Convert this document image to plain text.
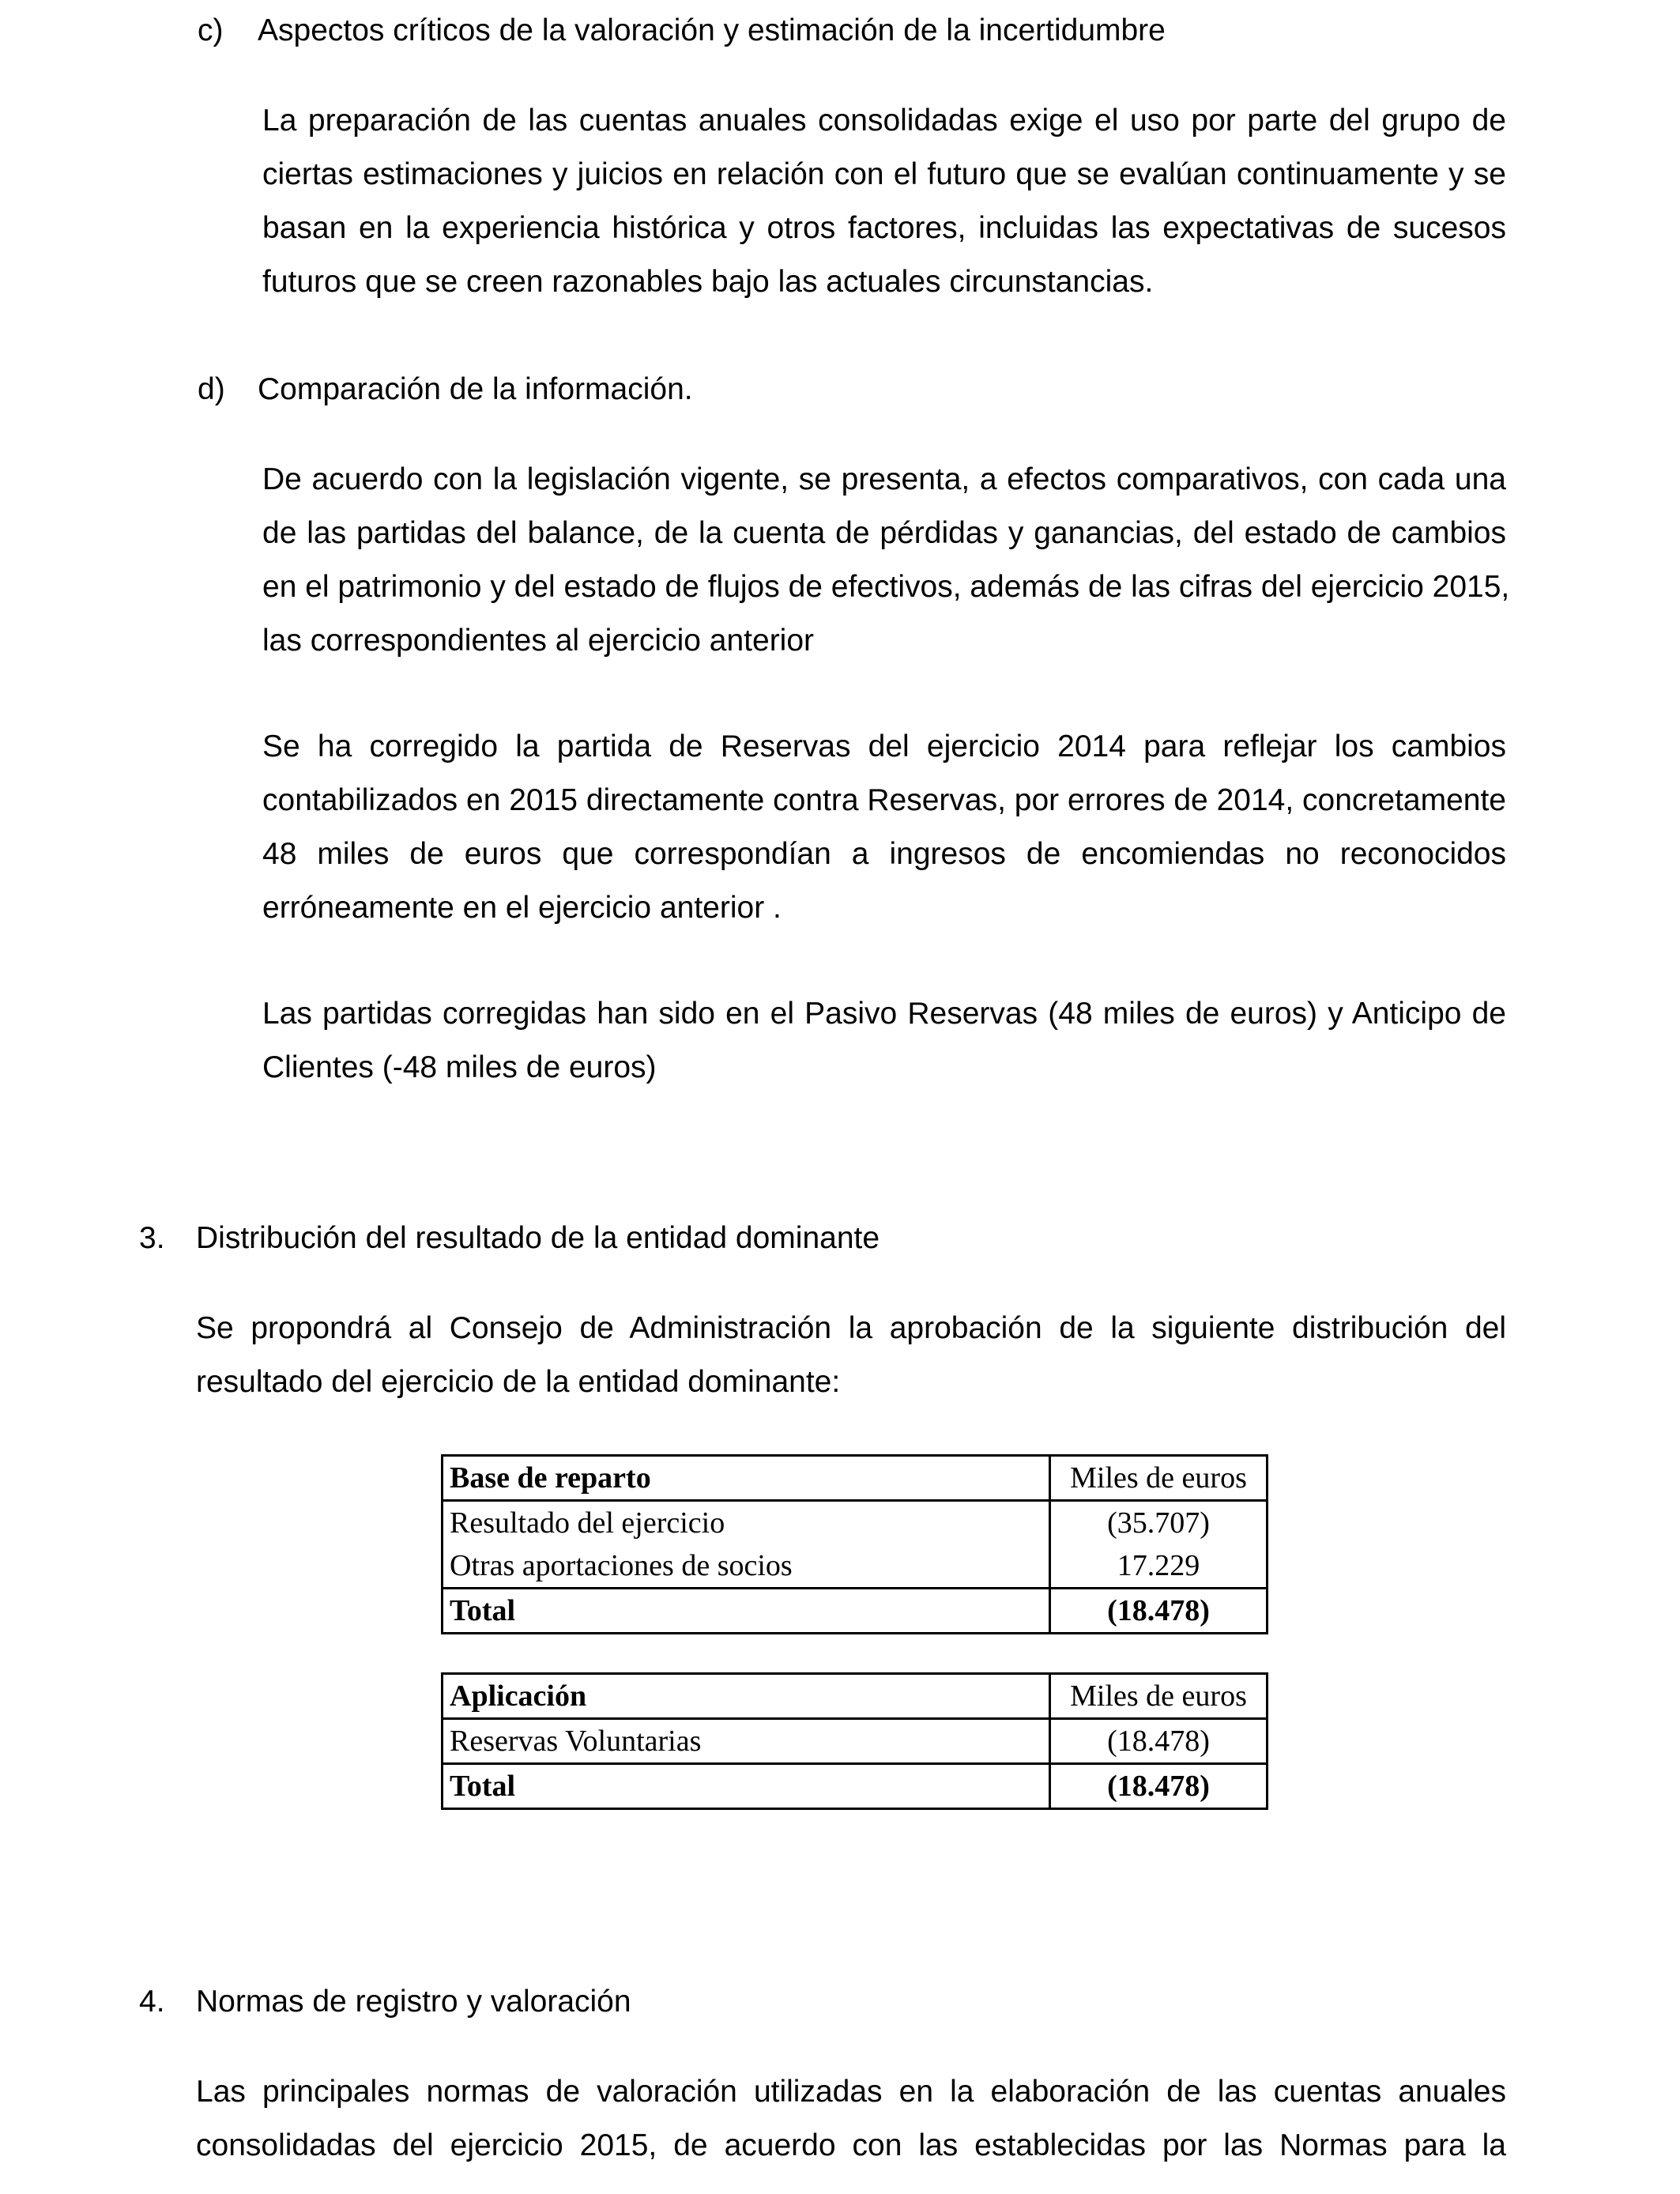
c) Aspectos críticos de la valoración y estimación de la incertidumbre
La preparación de las cuentas anuales consolidadas exige el uso por parte del grupo de
ciertas estimaciones y juicios en relación con el futuro que se evalúan continuamente y se
basan en la experiencia histórica y otros factores, incluidas las expectativas de sucesos
futuros que se creen razonables bajo las actuales circunstancias.
d) Comparación de la información.
De acuerdo con la legislación vigente, se presenta, a efectos comparativos, con cada una
de las partidas del balance, de la cuenta de pérdidas y ganancias, del estado de cambios
en el patrimonio y del estado de flujos de efectivos, además de las cifras del ejercicio 2015,
las correspondientes al ejercicio anterior
Se ha corregido la partida de Reservas del ejercicio 2014 para reflejar los cambios
contabilizados en 2015 directamente contra Reservas, por errores de 2014, concretamente
48 miles de euros que correspondían a ingresos de encomiendas no reconocidos
erróneamente en el ejercicio anterior .
Las partidas corregidas han sido en el Pasivo Reservas (48 miles de euros) y Anticipo de
Clientes (-48 miles de euros)
3. Distribución del resultado de la entidad dominante
Se propondrá al Consejo de Administración la aprobación de la siguiente distribución del
resultado del ejercicio de la entidad dominante:
Base de reparto	Miles de euros
Resultado del ejercicio	(35.707)
Otras aportaciones de socios	17.229
Total	(18.478)
Aplicación	Miles de euros
Reservas Voluntarias	(18.478)
Total	(18.478)
4. Normas de registro y valoración
Las principales normas de valoración utilizadas en la elaboración de las cuentas anuales
consolidadas del ejercicio 2015, de acuerdo con las establecidas por las Normas para la
